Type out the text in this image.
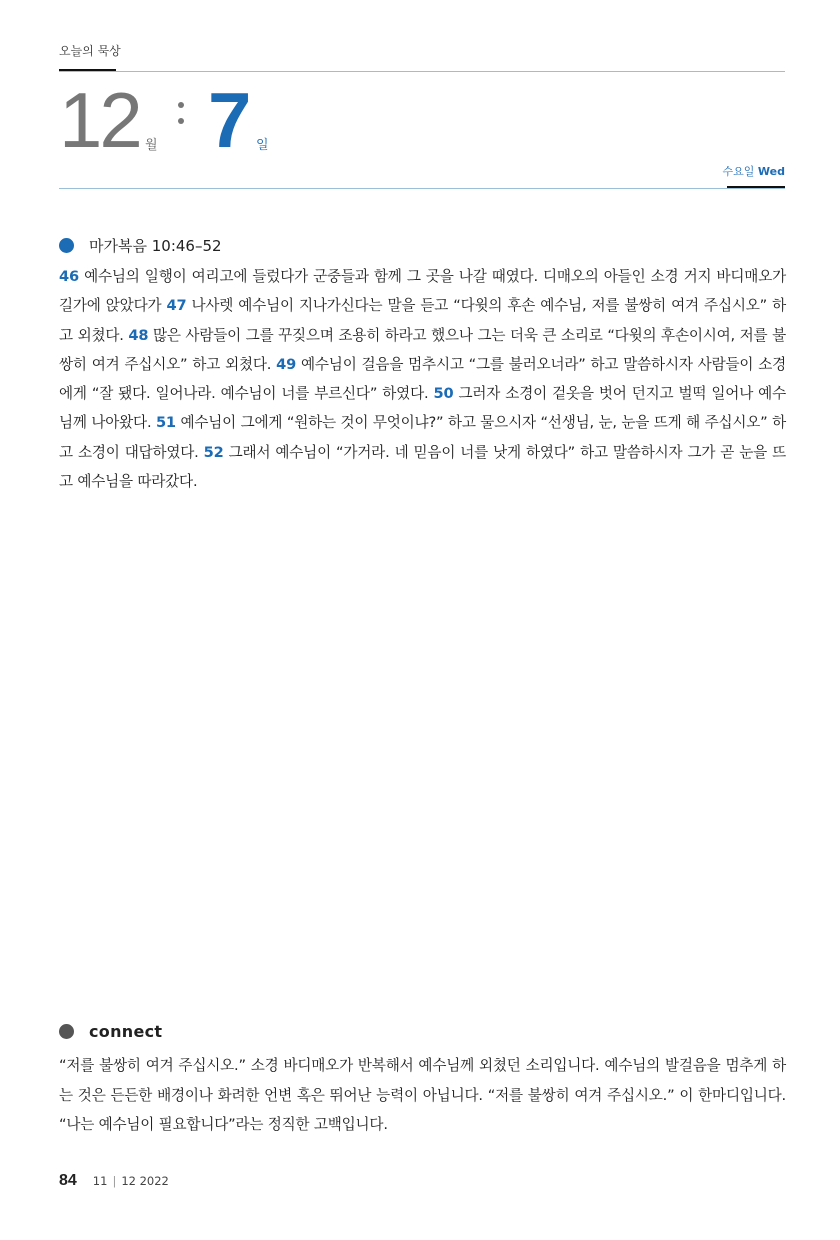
오늘의 묵상
12 월 7 일
수요일 Wed
마가복음 10:46–52
46 예수님의 일행이 여리고에 들렀다가 군중들과 함께 그 곳을 나갈 때였다. 디매오의 아들인 소경 거지 바디매오가 길가에 앉았다가 47 나사렛 예수님이 지나가신다는 말을 듣고 “다윗의 후손 예수님, 저를 불쌍히 여겨 주십시오” 하고 외쳤다. 48 많은 사람들이 그를 꾸짖으며 조용히 하라고 했으나 그는 더욱 큰 소리로 “다윗의 후손이시여, 저를 불쌍히 여겨 주십시오” 하고 외쳤다. 49 예수님이 걸음을 멈추시고 “그를 불러오너라” 하고 말씀하시자 사람들이 소경에게 “잘 됐다. 일어나라. 예수님이 너를 부르신다” 하였다. 50 그러자 소경이 겉옷을 벗어 던지고 벌떡 일어나 예수님께 나아왔다. 51 예수님이 그에게 “원하는 것이 무엇이냐?” 하고 물으시자 “선생님, 눈, 눈을 뜨게 해 주십시오” 하고 소경이 대답하였다. 52 그래서 예수님이 “가거라. 네 믿음이 너를 낫게 하였다” 하고 말씀하시자 그가 곧 눈을 뜨고 예수님을 따라갔다.
connect
“저를 불쌍히 여겨 주십시오.” 소경 바디매오가 반복해서 예수님께 외쳤던 소리입니다. 예수님의 발걸음을 멈추게 하는 것은 든든한 배경이나 화려한 언변 혹은 뛰어난 능력이 아닙니다. “저를 불쌍히 여겨 주십시오.” 이 한마디입니다. “나는 예수님이 필요합니다”라는 정직한 고백입니다.
84 11 | 12 2022
